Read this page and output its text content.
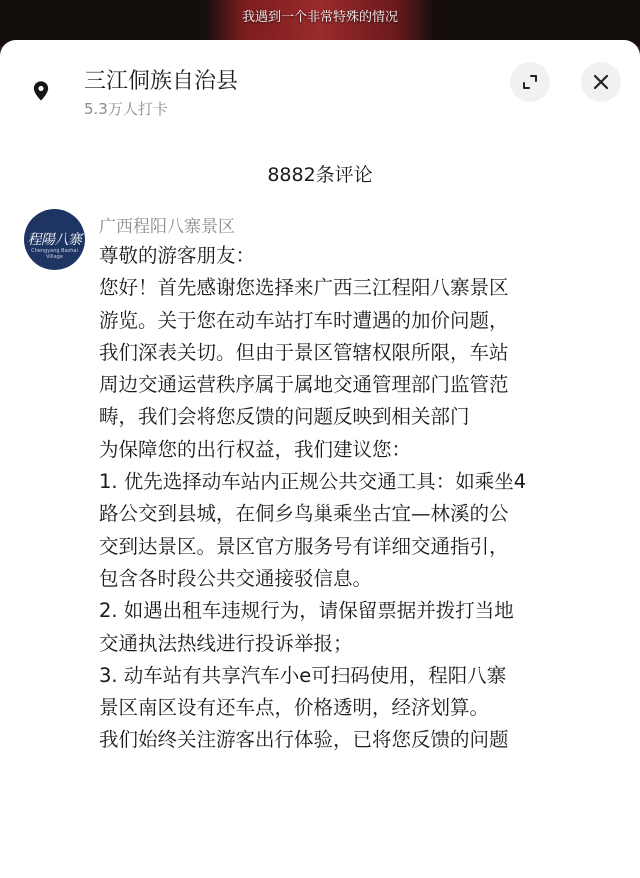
我遇到一个非常特殊的情况
三江侗族自治县
5.3万人打卡
8882条评论
程陽八寨
Chengyang Bazhai Village
广西程阳八寨景区
尊敬的游客朋友：
您好！首先感谢您选择来广西三江程阳八寨景区
游览。关于您在动车站打车时遭遇的加价问题，
我们深表关切。但由于景区管辖权限所限，车站
周边交通运营秩序属于属地交通管理部门监管范
畴，我们会将您反馈的问题反映到相关部门
为保障您的出行权益，我们建议您：
1. 优先选择动车站内正规公共交通工具：如乘坐4
路公交到县城，在侗乡鸟巢乘坐古宜—林溪的公
交到达景区。景区官方服务号有详细交通指引，
包含各时段公共交通接驳信息。
2. 如遇出租车违规行为，请保留票据并拨打当地
交通执法热线进行投诉举报；
3. 动车站有共享汽车小e可扫码使用，程阳八寨
景区南区设有还车点，价格透明，经济划算。
我们始终关注游客出行体验，已将您反馈的问题
